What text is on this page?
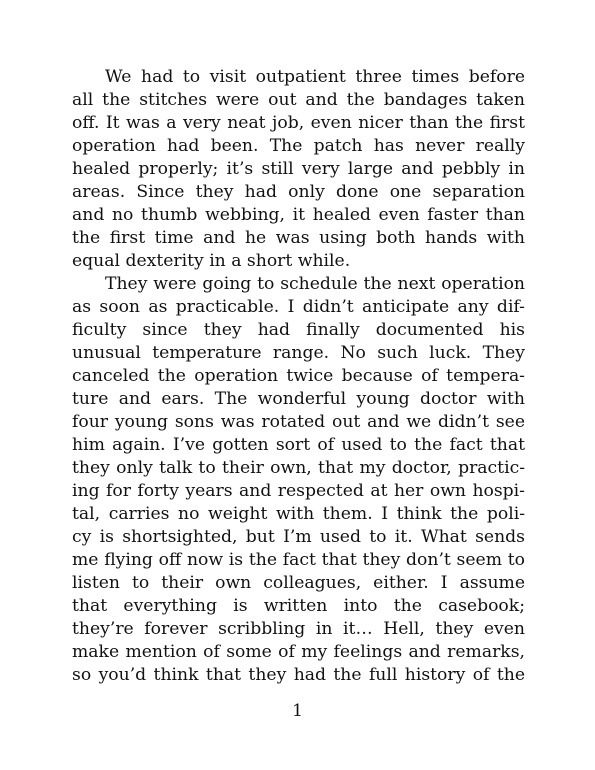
We had to visit outpatient three times before
all the stitches were out and the bandages taken
off. It was a very neat job, even nicer than the first
operation had been. The patch has never really
healed properly; it’s still very large and pebbly in
areas. Since they had only done one separation
and no thumb webbing, it healed even faster than
the first time and he was using both hands with
equal dexterity in a short while.
They were going to schedule the next operation
as soon as practicable. I didn’t anticipate any dif-
ficulty since they had finally documented his
unusual temperature range. No such luck. They
canceled the operation twice because of tempera-
ture and ears. The wonderful young doctor with
four young sons was rotated out and we didn’t see
him again. I’ve gotten sort of used to the fact that
they only talk to their own, that my doctor, practic-
ing for forty years and respected at her own hospi-
tal, carries no weight with them. I think the poli-
cy is shortsighted, but I’m used to it. What sends
me flying off now is the fact that they don’t seem to
listen to their own colleagues, either. I assume
that everything is written into the casebook;
they’re forever scribbling in it… Hell, they even
make mention of some of my feelings and remarks,
so you’d think that they had the full history of the
1
